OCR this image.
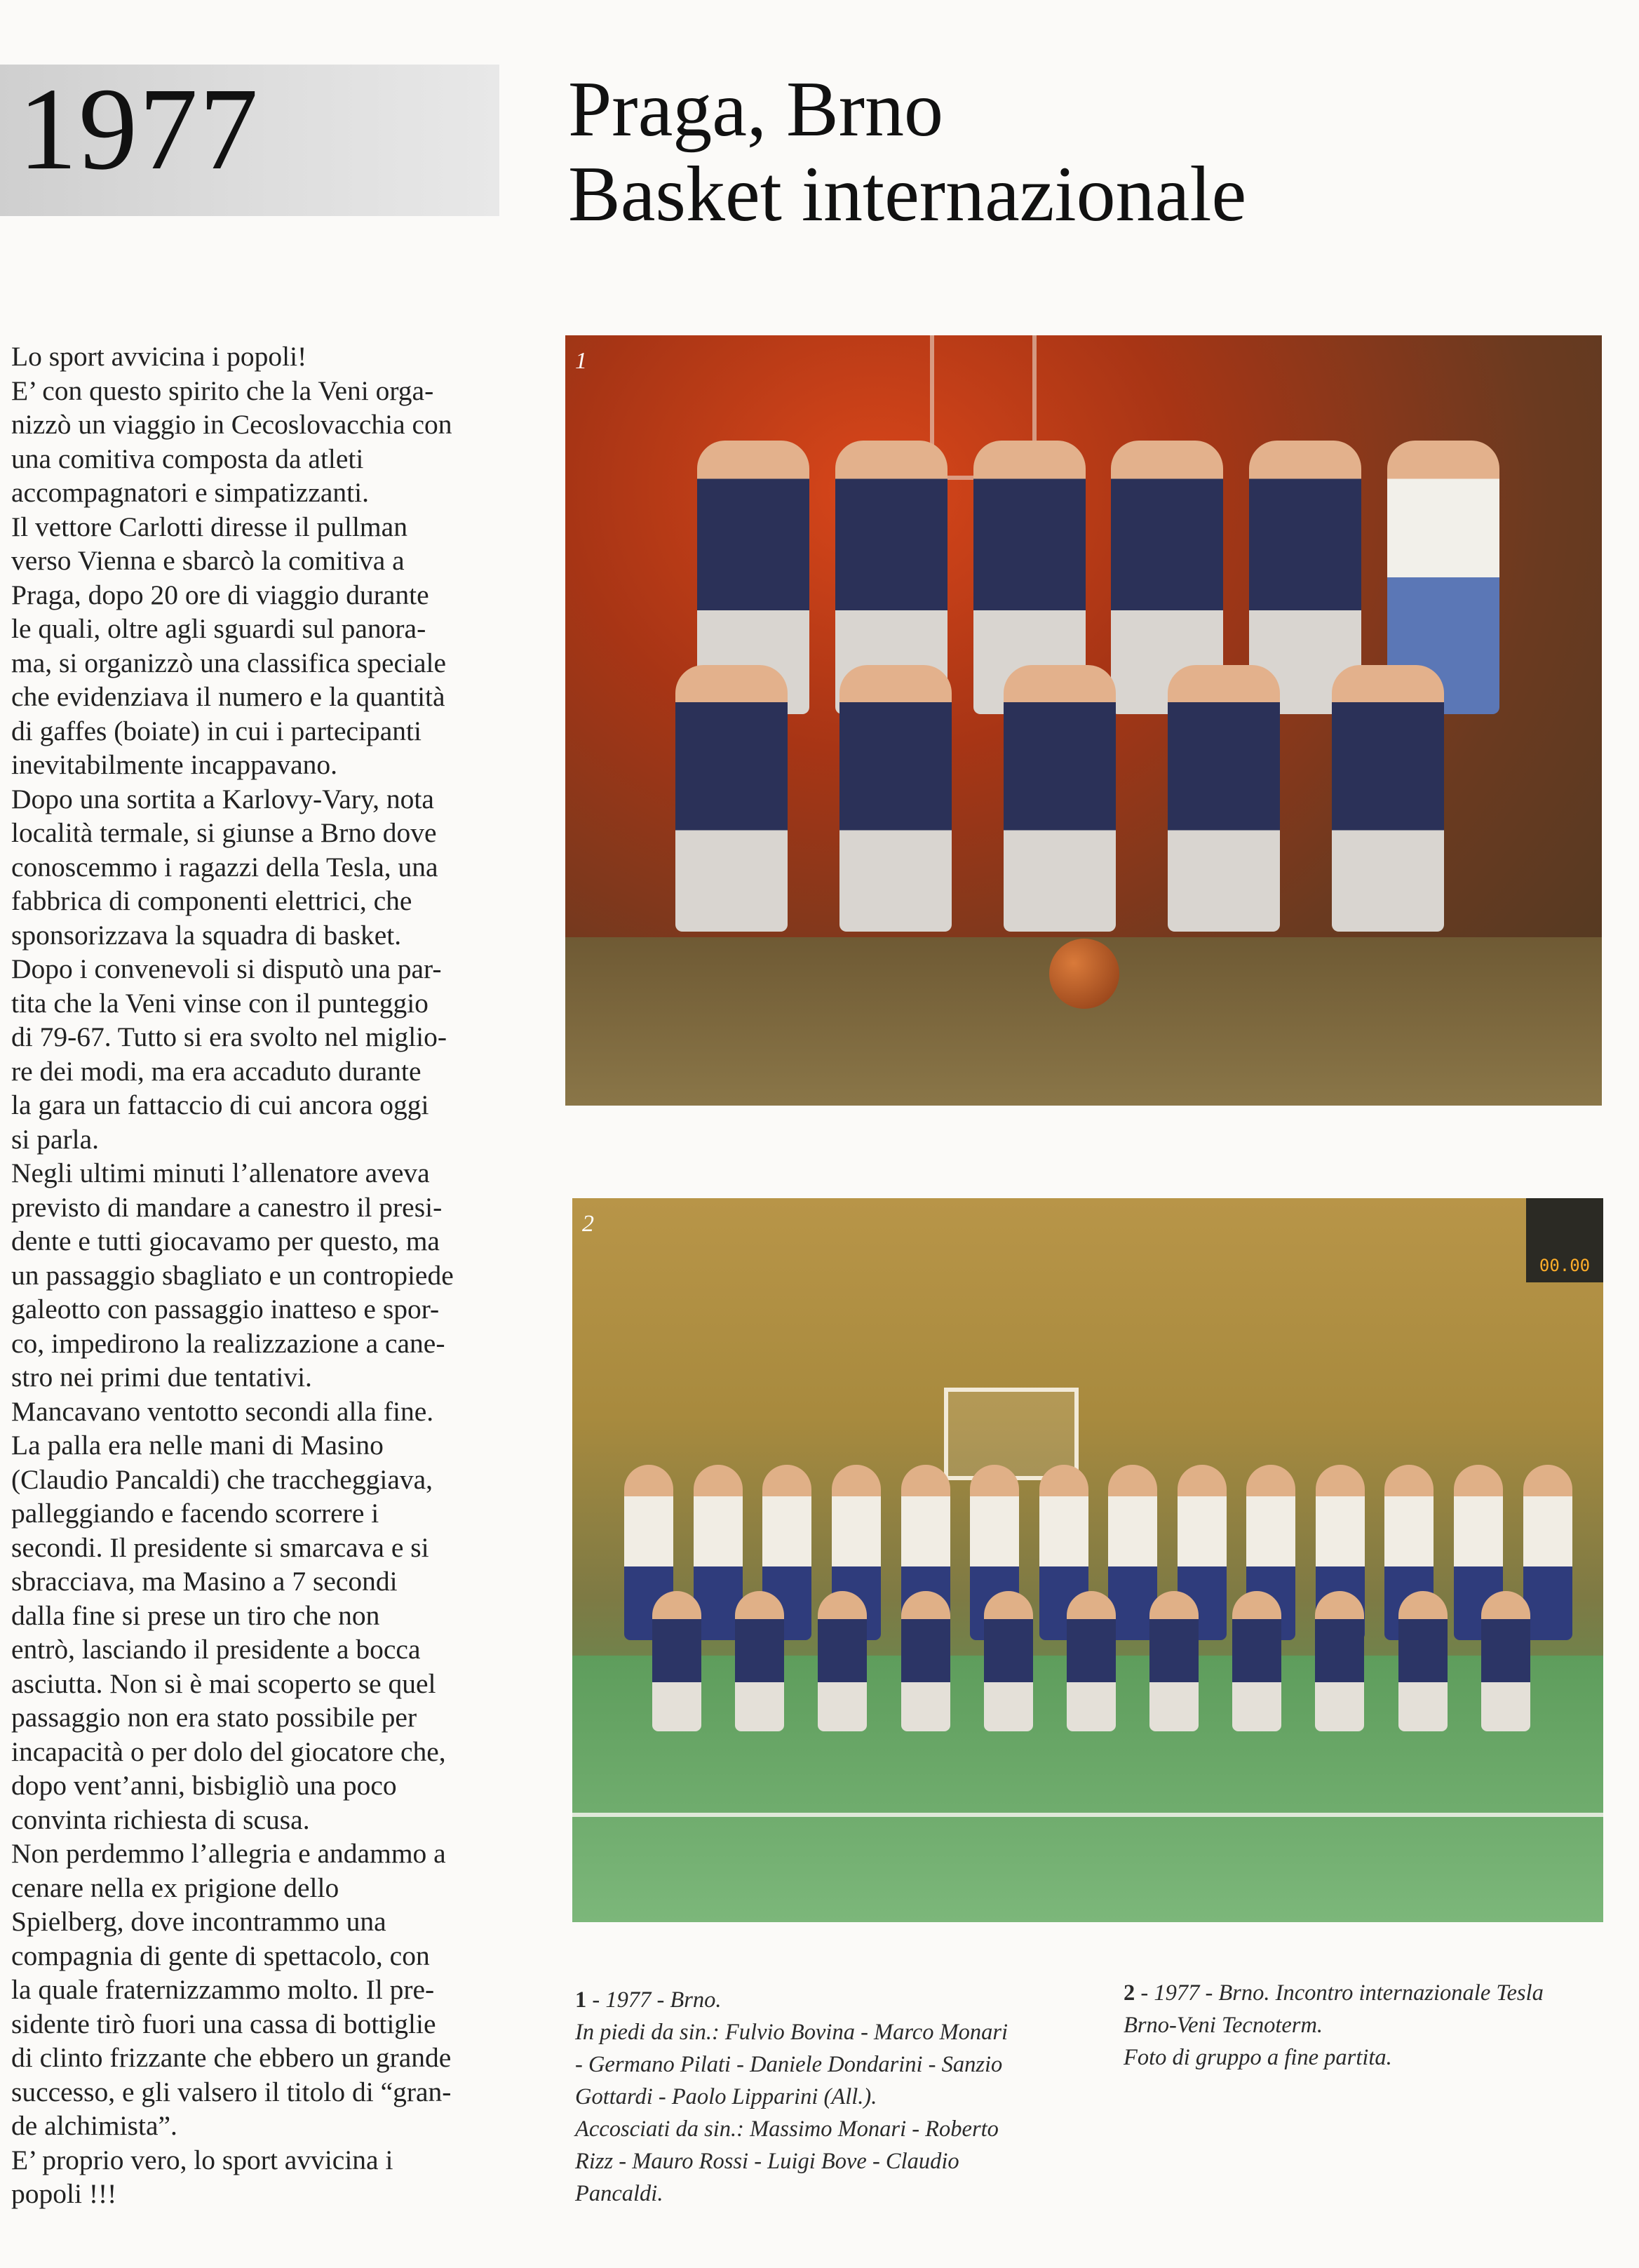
1977	Praga, Brno
Basket internazionale

Lo sport avvicina i popoli!

E’ con questo spirito che la Veni orga-

nizzò un viaggio in Cecoslovacchia con

una comitiva composta da atleti

accompagnatori e simpatizzanti.

Il vettore Carlotti diresse il pullman

verso Vienna e sbarcò la comitiva a

Praga, dopo 20 ore di viaggio durante

le quali, oltre agli sguardi sul panora-

ma, si organizzò una classifica speciale

che evidenziava il numero e la quantità

di gaffes (boiate) in cui i partecipanti

inevitabilmente incappavano.

Dopo una sortita a Karlovy-Vary, nota

località termale, si giunse a Brno dove

conoscemmo i ragazzi della Tesla, una

fabbrica di componenti elettrici, che

sponsorizzava la squadra di basket.

Dopo i convenevoli si disputò una par-

tita che la Veni vinse con il punteggio

di 79-67. Tutto si era svolto nel miglio-

re dei modi, ma era accaduto durante

la gara un fattaccio di cui ancora oggi

si parla.

Negli ultimi minuti l’allenatore aveva

previsto di mandare a canestro il presi-

dente e tutti giocavamo per questo, ma

un passaggio sbagliato e un contropiede

galeotto con passaggio inatteso e spor-

co, impedirono la realizzazione a cane-

stro nei primi due tentativi.

Mancavano ventotto secondi alla fine.

La palla era nelle mani di Masino

(Claudio Pancaldi) che traccheggiava,

palleggiando e facendo scorrere i

secondi. Il presidente si smarcava e si

sbracciava, ma Masino a 7 secondi

dalla fine si prese un tiro che non

entrò, lasciando il presidente a bocca

asciutta. Non si è mai scoperto se quel

passaggio non era stato possibile per

incapacità o per dolo del giocatore che,

dopo vent’anni, bisbigliò una poco

convinta richiesta di scusa.

Non perdemmo l’allegria e andammo a

cenare nella ex prigione dello

Spielberg, dove incontrammo una

compagnia di gente di spettacolo, con

la quale fraternizzammo molto. Il pre-

sidente tirò fuori una cassa di bottiglie

di clinto frizzante che ebbero un grande

successo, e gli valsero il titolo di “gran-

de alchimista”.

E’ proprio vero, lo sport avvicina i

popoli !!!

1
00.00
2

1 - 1977 - Brno.

In piedi da sin.: Fulvio Bovina - Marco Monari

- Germano Pilati - Daniele Dondarini - Sanzio

Gottardi - Paolo Lipparini (All.).

Accosciati da sin.: Massimo Monari - Roberto

Rizz - Mauro Rossi - Luigi Bove - Claudio

Pancaldi.

2 - 1977 - Brno. Incontro internazionale Tesla

Brno-Veni Tecnoterm.

Foto di gruppo a fine partita.
